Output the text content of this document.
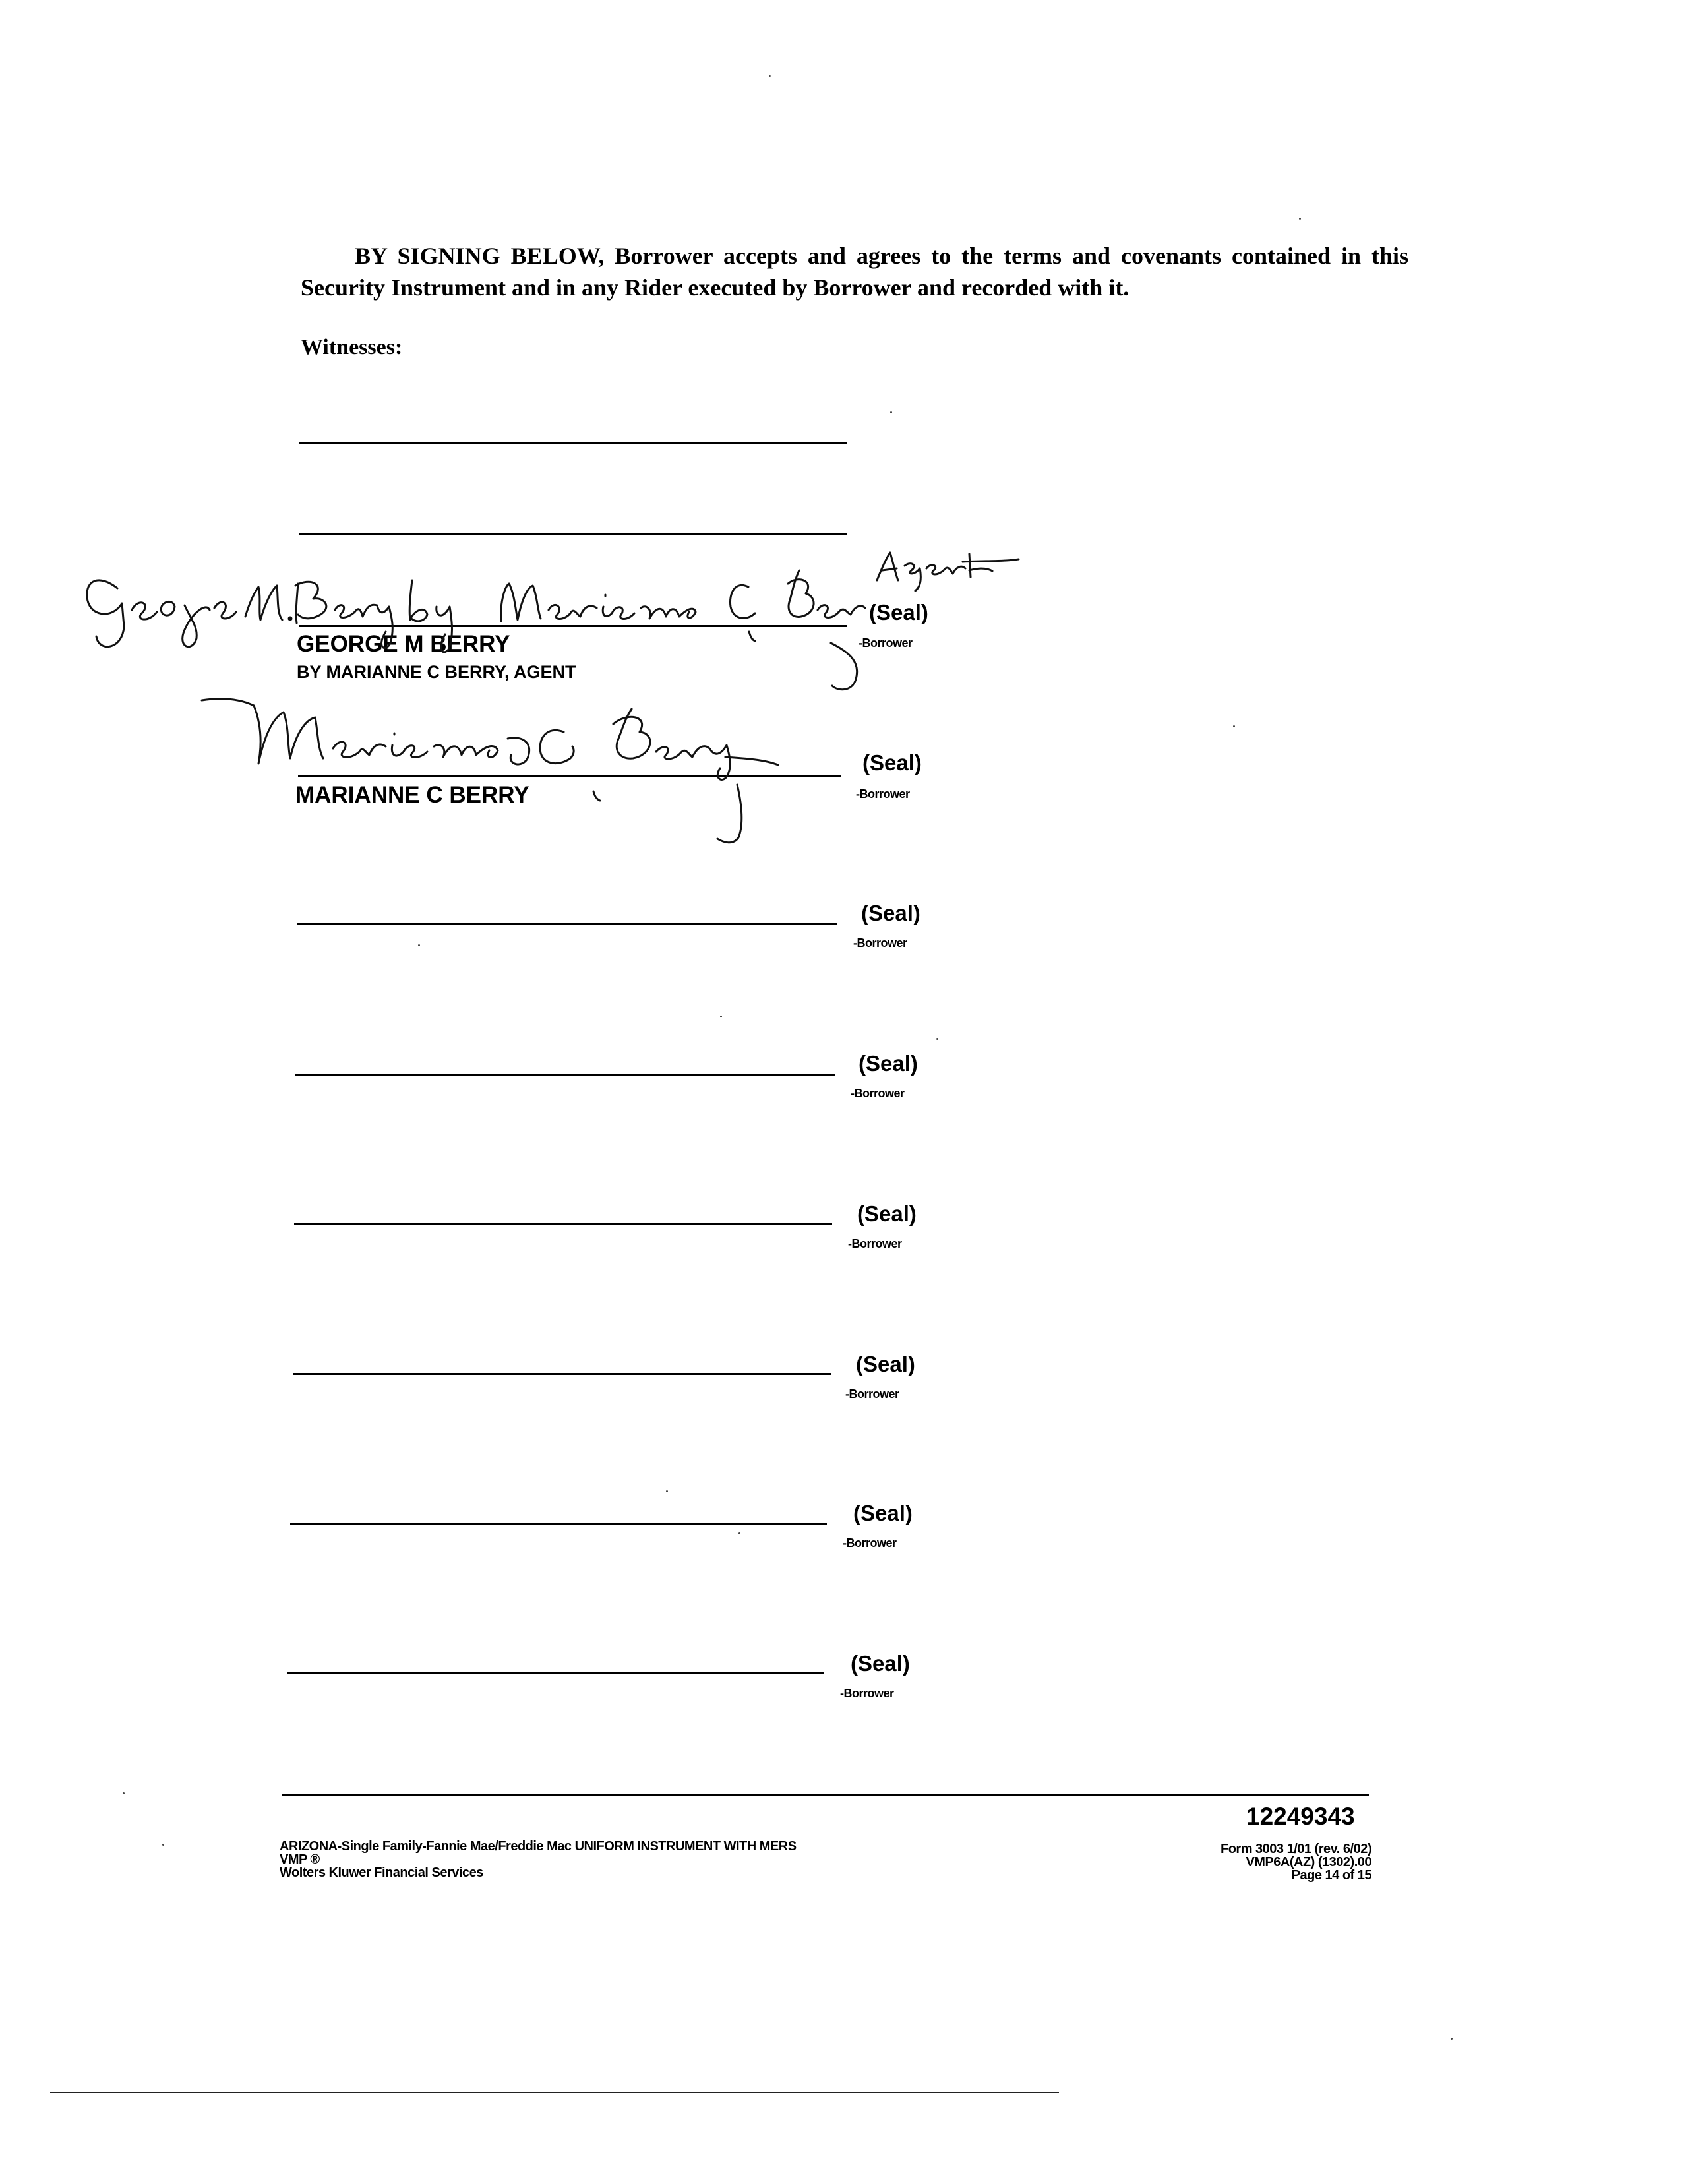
BY SIGNING BELOW, Borrower accepts and agrees to the terms and covenants contained in this

Security Instrument and in any Rider executed by Borrower and recorded with it.

Witnesses:
(Seal)
-Borrower
GEORGE M BERRY
BY MARIANNE C BERRY, AGENT
(Seal)
-Borrower
MARIANNE C BERRY
(Seal)
-Borrower
(Seal)
-Borrower
(Seal)
-Borrower
(Seal)
-Borrower
(Seal)
-Borrower
(Seal)
-Borrower
12249343
ARIZONA-Single Family-Fannie Mae/Freddie Mac UNIFORM INSTRUMENT WITH MERS
VMP ®
Wolters Kluwer Financial Services
Form 3003 1/01 (rev. 6/02)
VMP6A(AZ) (1302).00
Page 14 of 15
